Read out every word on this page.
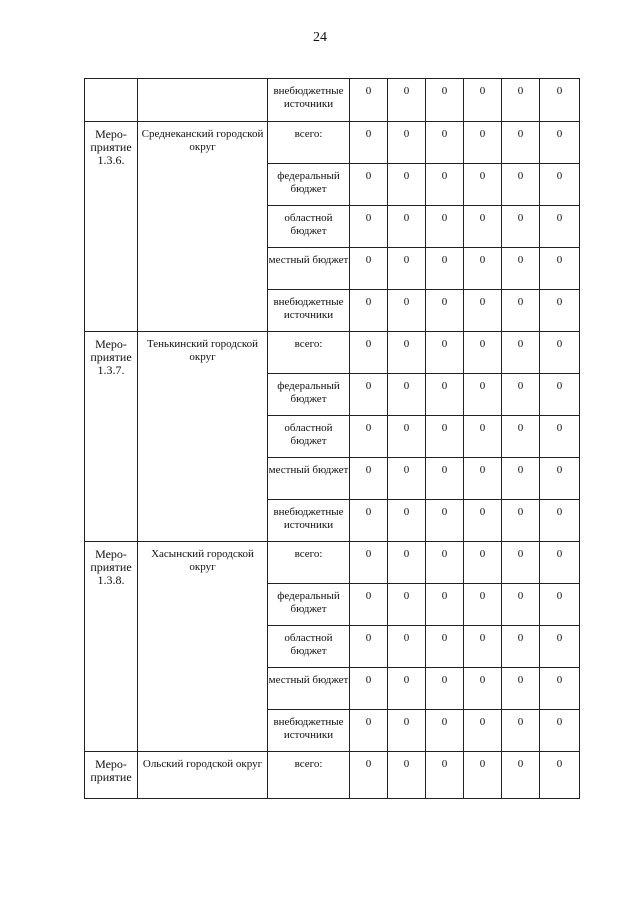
24
		внебюджетные источники	0	0	0	0	0	0
Меро-приятие 1.3.6.	Среднеканский городской округ	всего:	0	0	0	0	0	0
		федеральный бюджет	0	0	0	0	0	0
		областной бюджет	0	0	0	0	0	0
		местный бюджет	0	0	0	0	0	0
		внебюджетные источники	0	0	0	0	0	0
Меро-приятие 1.3.7.	Тенькинский городской округ	всего:	0	0	0	0	0	0
		федеральный бюджет	0	0	0	0	0	0
		областной бюджет	0	0	0	0	0	0
		местный бюджет	0	0	0	0	0	0
		внебюджетные источники	0	0	0	0	0	0
Меро-приятие 1.3.8.	Хасынский городской округ	всего:	0	0	0	0	0	0
		федеральный бюджет	0	0	0	0	0	0
		областной бюджет	0	0	0	0	0	0
		местный бюджет	0	0	0	0	0	0
		внебюджетные источники	0	0	0	0	0	0
Меро-приятие	Ольский городской округ	всего:	0	0	0	0	0	0
